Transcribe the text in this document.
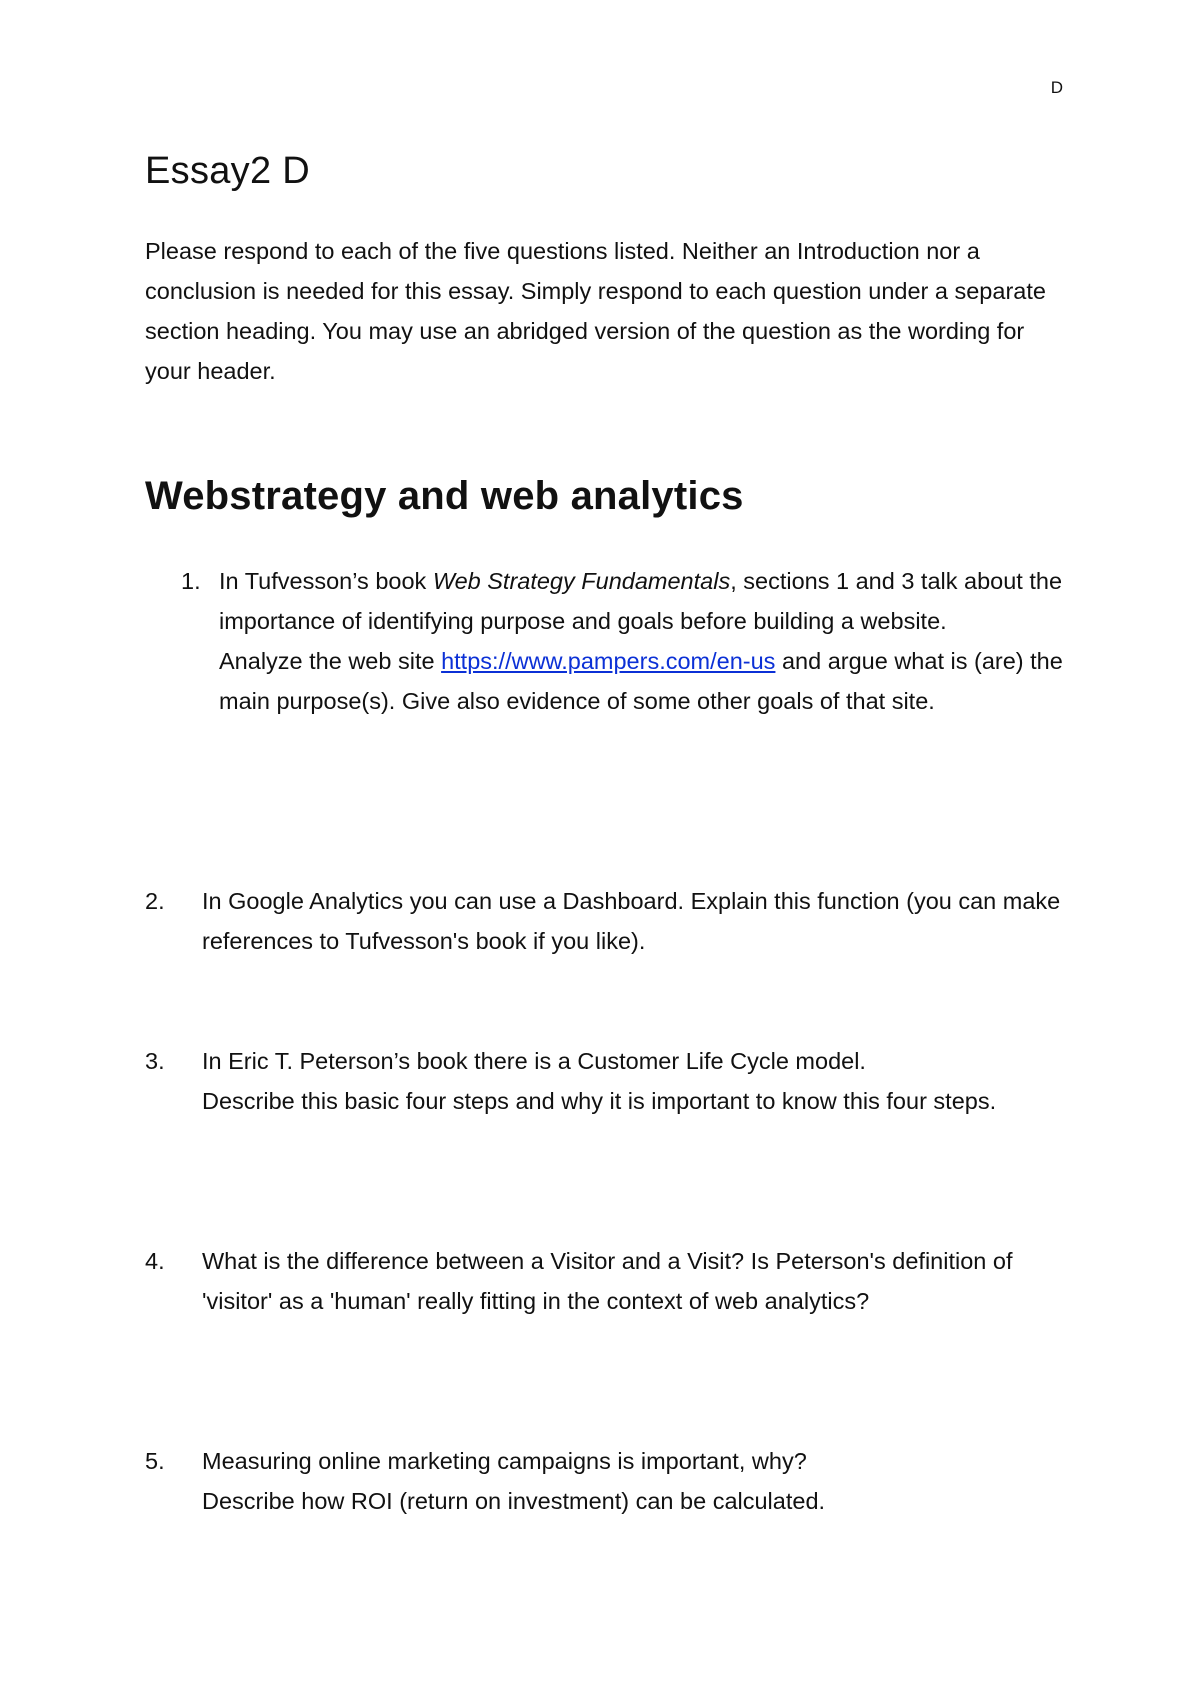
D
Essay2 D

Please respond to each of the five questions listed. Neither an Introduction nor a conclusion is needed for this essay. Simply respond to each question under a separate section heading. You may use an abridged version of the question as the wording for your header.

Webstrategy and web analytics
1. In Tufvesson’s book Web Strategy Fundamentals, sections 1 and 3 talk about the importance of identifying purpose and goals before building a website.

Analyze the web site https://www.pampers.com/en-us and argue what is (are) the main purpose(s). Give also evidence of some other goals of that site.

2. In Google Analytics you can use a Dashboard. Explain this function (you can make references to Tufvesson's book if you like).

3. In Eric T. Peterson’s book there is a Customer Life Cycle model.

Describe this basic four steps and why it is important to know this four steps.

4. What is the difference between a Visitor and a Visit? Is Peterson's definition of 'visitor' as a 'human' really fitting in the context of web analytics?

5. Measuring online marketing campaigns is important, why?

Describe how ROI (return on investment) can be calculated.
